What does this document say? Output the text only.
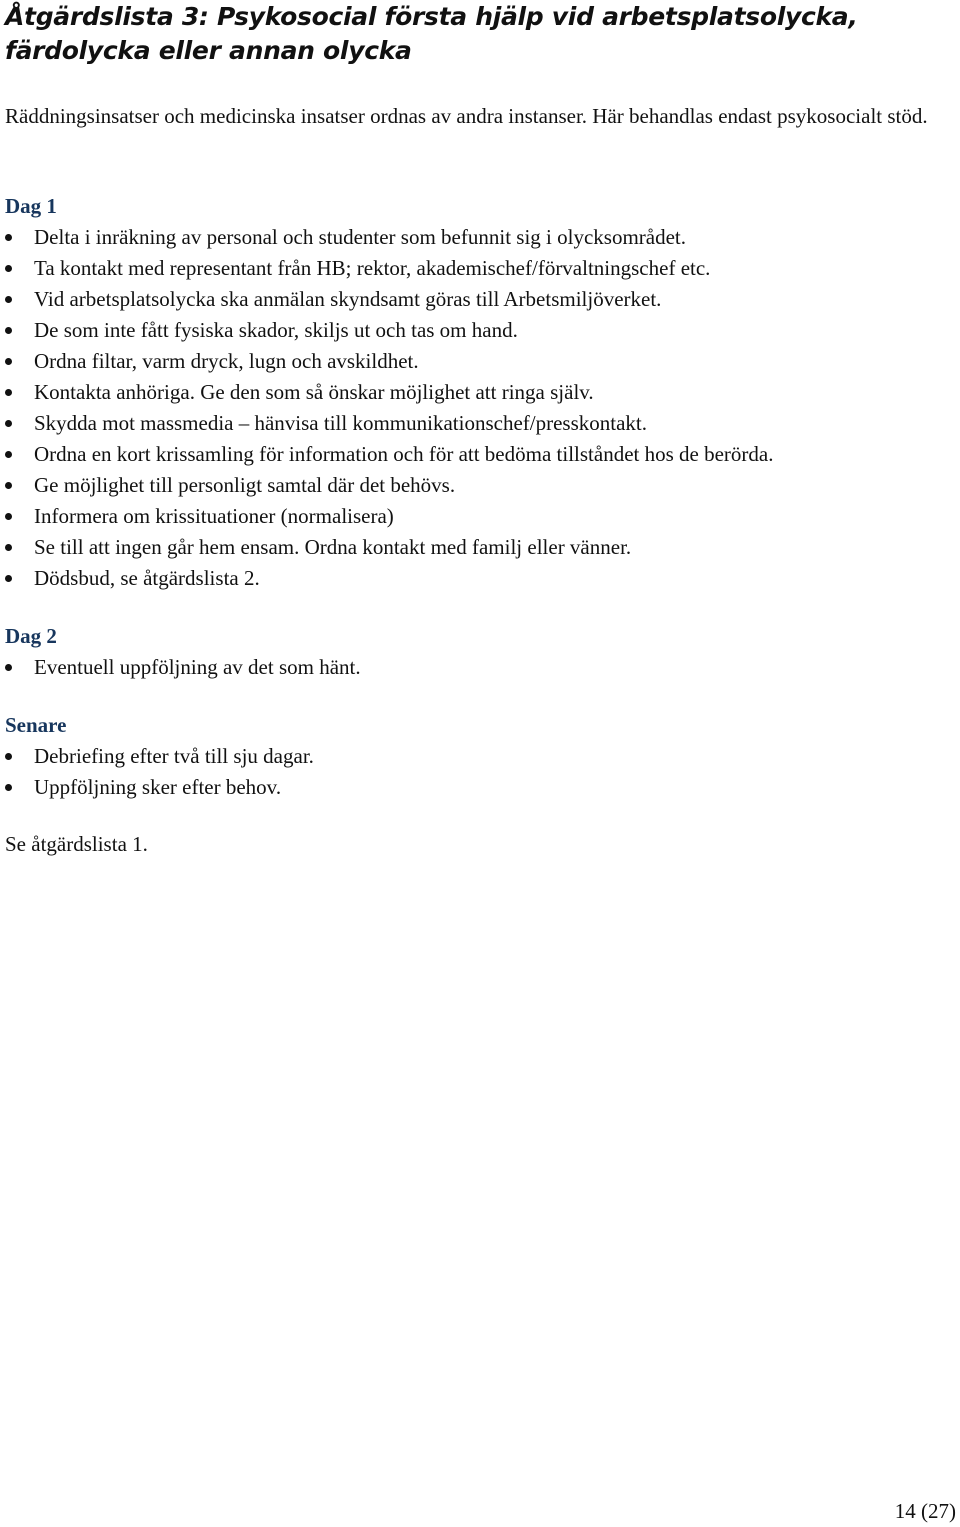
Åtgärdslista 3: Psykosocial första hjälp vid arbetsplatsolycka, färdolycka eller annan olycka

Räddningsinsatser och medicinska insatser ordnas av andra instanser. Här behandlas endast psykosocialt stöd.

Dag 1
Delta i inräkning av personal och studenter som befunnit sig i olycksområdet.
Ta kontakt med representant från HB; rektor, akademischef/förvaltningschef etc.
Vid arbetsplatsolycka ska anmälan skyndsamt göras till Arbetsmiljöverket.
De som inte fått fysiska skador, skiljs ut och tas om hand.
Ordna filtar, varm dryck, lugn och avskildhet.
Kontakta anhöriga. Ge den som så önskar möjlighet att ringa själv.
Skydda mot massmedia – hänvisa till kommunikationschef/presskontakt.
Ordna en kort krissamling för information och för att bedöma tillståndet hos de berörda.
Ge möjlighet till personligt samtal där det behövs.
Informera om krissituationer (normalisera)
Se till att ingen går hem ensam. Ordna kontakt med familj eller vänner.
Dödsbud, se åtgärdslista 2.
Dag 2
Eventuell uppföljning av det som hänt.
Senare
Debriefing efter två till sju dagar.
Uppföljning sker efter behov.

Se åtgärdslista 1.

14 (27)
